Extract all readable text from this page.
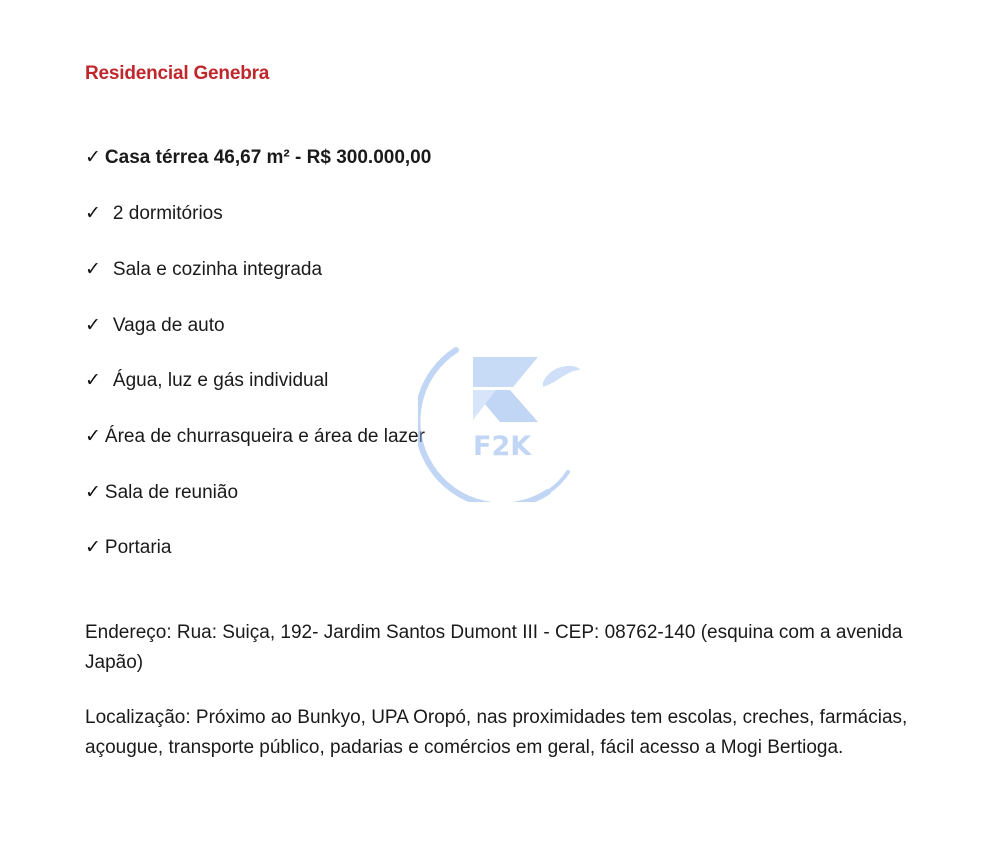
Residencial Genebra
✓ Casa térrea 46,67 m² - R$ 300.000,00
✓ 2 dormitórios
✓ Sala e cozinha integrada
✓ Vaga de auto
✓ Água, luz e gás individual
✓ Área de churrasqueira e área de lazer
✓ Sala de reunião
✓ Portaria
Endereço: Rua: Suiça, 192- Jardim Santos Dumont III - CEP: 08762-140 (esquina com a avenida Japão)
Localização: Próximo ao Bunkyo, UPA Oropó, nas proximidades tem escolas, creches, farmácias, açougue, transporte público, padarias e comércios em geral, fácil acesso a Mogi Bertioga.
F2K
